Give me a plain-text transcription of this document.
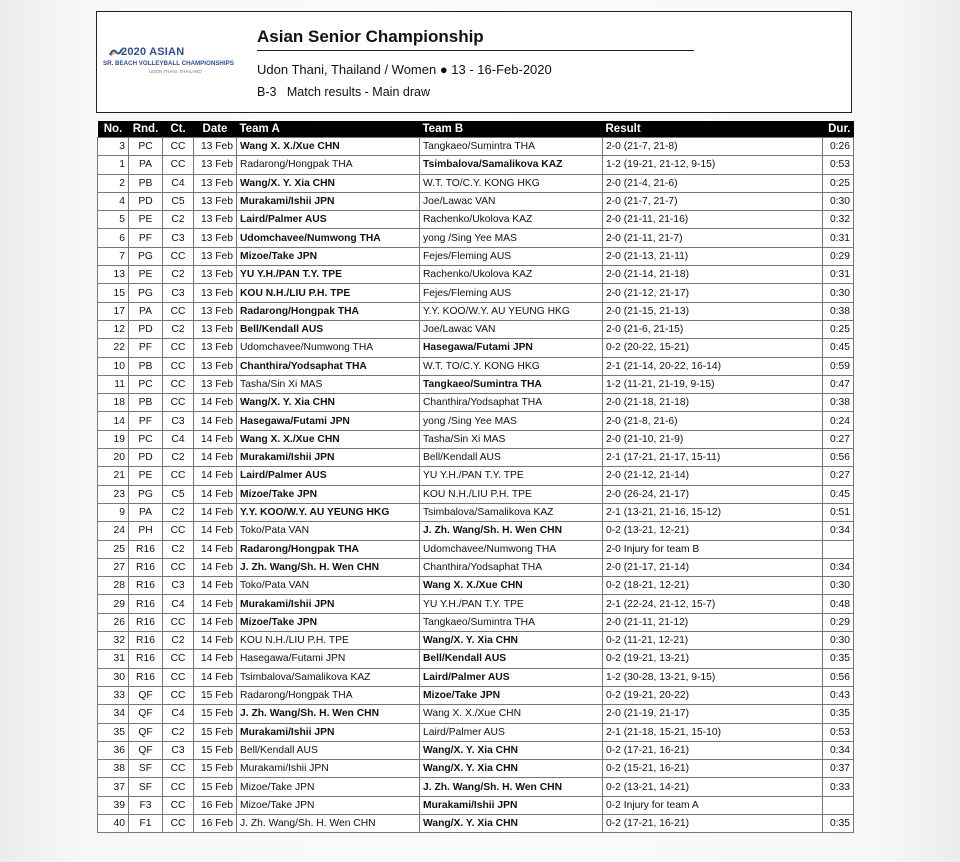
2020 ASIAN
SR. BEACH VOLLEYBALL CHAMPIONSHIPS
UDON THANI, THAILAND
Asian Senior Championship
Udon Thani, Thailand / Women ● 13 - 16-Feb-2020
B-3   Match results - Main draw
No.	Rnd.	Ct.	Date	Team A	Team B	Result	Dur.
3	PC	CC	13 Feb	Wang X. X./Xue CHN	Tangkaeo/Sumintra THA	2-0 (21-7, 21-8)	0:26
1	PA	CC	13 Feb	Radarong/Hongpak THA	Tsimbalova/Samalikova KAZ	1-2 (19-21, 21-12, 9-15)	0:53
2	PB	C4	13 Feb	Wang/X. Y. Xia CHN	W.T. TO/C.Y. KONG HKG	2-0 (21-4, 21-6)	0:25
4	PD	C5	13 Feb	Murakami/Ishii JPN	Joe/Lawac VAN	2-0 (21-7, 21-7)	0:30
5	PE	C2	13 Feb	Laird/Palmer AUS	Rachenko/Ukolova KAZ	2-0 (21-11, 21-16)	0:32
6	PF	C3	13 Feb	Udomchavee/Numwong THA	yong /Sing Yee MAS	2-0 (21-11, 21-7)	0:31
7	PG	CC	13 Feb	Mizoe/Take JPN	Fejes/Fleming AUS	2-0 (21-13, 21-11)	0:29
13	PE	C2	13 Feb	YU Y.H./PAN T.Y. TPE	Rachenko/Ukolova KAZ	2-0 (21-14, 21-18)	0:31
15	PG	C3	13 Feb	KOU N.H./LIU P.H. TPE	Fejes/Fleming AUS	2-0 (21-12, 21-17)	0:30
17	PA	CC	13 Feb	Radarong/Hongpak THA	Y.Y. KOO/W.Y. AU YEUNG HKG	2-0 (21-15, 21-13)	0:38
12	PD	C2	13 Feb	Bell/Kendall AUS	Joe/Lawac VAN	2-0 (21-6, 21-15)	0:25
22	PF	CC	13 Feb	Udomchavee/Numwong THA	Hasegawa/Futami JPN	0-2 (20-22, 15-21)	0:45
10	PB	CC	13 Feb	Chanthira/Yodsaphat THA	W.T. TO/C.Y. KONG HKG	2-1 (21-14, 20-22, 16-14)	0:59
11	PC	CC	13 Feb	Tasha/Sin Xi MAS	Tangkaeo/Sumintra THA	1-2 (11-21, 21-19, 9-15)	0:47
18	PB	CC	14 Feb	Wang/X. Y. Xia CHN	Chanthira/Yodsaphat THA	2-0 (21-18, 21-18)	0:38
14	PF	C3	14 Feb	Hasegawa/Futami JPN	yong /Sing Yee MAS	2-0 (21-8, 21-6)	0:24
19	PC	C4	14 Feb	Wang X. X./Xue CHN	Tasha/Sin Xi MAS	2-0 (21-10, 21-9)	0:27
20	PD	C2	14 Feb	Murakami/Ishii JPN	Bell/Kendall AUS	2-1 (17-21, 21-17, 15-11)	0:56
21	PE	CC	14 Feb	Laird/Palmer AUS	YU Y.H./PAN T.Y. TPE	2-0 (21-12, 21-14)	0:27
23	PG	C5	14 Feb	Mizoe/Take JPN	KOU N.H./LIU P.H. TPE	2-0 (26-24, 21-17)	0:45
9	PA	C2	14 Feb	Y.Y. KOO/W.Y. AU YEUNG HKG	Tsimbalova/Samalikova KAZ	2-1 (13-21, 21-16, 15-12)	0:51
24	PH	CC	14 Feb	Toko/Pata VAN	J. Zh. Wang/Sh. H. Wen CHN	0-2 (13-21, 12-21)	0:34
25	R16	C2	14 Feb	Radarong/Hongpak THA	Udomchavee/Numwong THA	2-0 Injury for team B	
27	R16	CC	14 Feb	J. Zh. Wang/Sh. H. Wen CHN	Chanthira/Yodsaphat THA	2-0 (21-17, 21-14)	0:34
28	R16	C3	14 Feb	Toko/Pata VAN	Wang X. X./Xue CHN	0-2 (18-21, 12-21)	0:30
29	R16	C4	14 Feb	Murakami/Ishii JPN	YU Y.H./PAN T.Y. TPE	2-1 (22-24, 21-12, 15-7)	0:48
26	R16	CC	14 Feb	Mizoe/Take JPN	Tangkaeo/Sumintra THA	2-0 (21-11, 21-12)	0:29
32	R16	C2	14 Feb	KOU N.H./LIU P.H. TPE	Wang/X. Y. Xia CHN	0-2 (11-21, 12-21)	0:30
31	R16	CC	14 Feb	Hasegawa/Futami JPN	Bell/Kendall AUS	0-2 (19-21, 13-21)	0:35
30	R16	CC	14 Feb	Tsimbalova/Samalikova KAZ	Laird/Palmer AUS	1-2 (30-28, 13-21, 9-15)	0:56
33	QF	CC	15 Feb	Radarong/Hongpak THA	Mizoe/Take JPN	0-2 (19-21, 20-22)	0:43
34	QF	C4	15 Feb	J. Zh. Wang/Sh. H. Wen CHN	Wang X. X./Xue CHN	2-0 (21-19, 21-17)	0:35
35	QF	C2	15 Feb	Murakami/Ishii JPN	Laird/Palmer AUS	2-1 (21-18, 15-21, 15-10)	0:53
36	QF	C3	15 Feb	Bell/Kendall AUS	Wang/X. Y. Xia CHN	0-2 (17-21, 16-21)	0:34
38	SF	CC	15 Feb	Murakami/Ishii JPN	Wang/X. Y. Xia CHN	0-2 (15-21, 16-21)	0:37
37	SF	CC	15 Feb	Mizoe/Take JPN	J. Zh. Wang/Sh. H. Wen CHN	0-2 (13-21, 14-21)	0:33
39	F3	CC	16 Feb	Mizoe/Take JPN	Murakami/Ishii JPN	0-2 Injury for team A	
40	F1	CC	16 Feb	J. Zh. Wang/Sh. H. Wen CHN	Wang/X. Y. Xia CHN	0-2 (17-21, 16-21)	0:35
